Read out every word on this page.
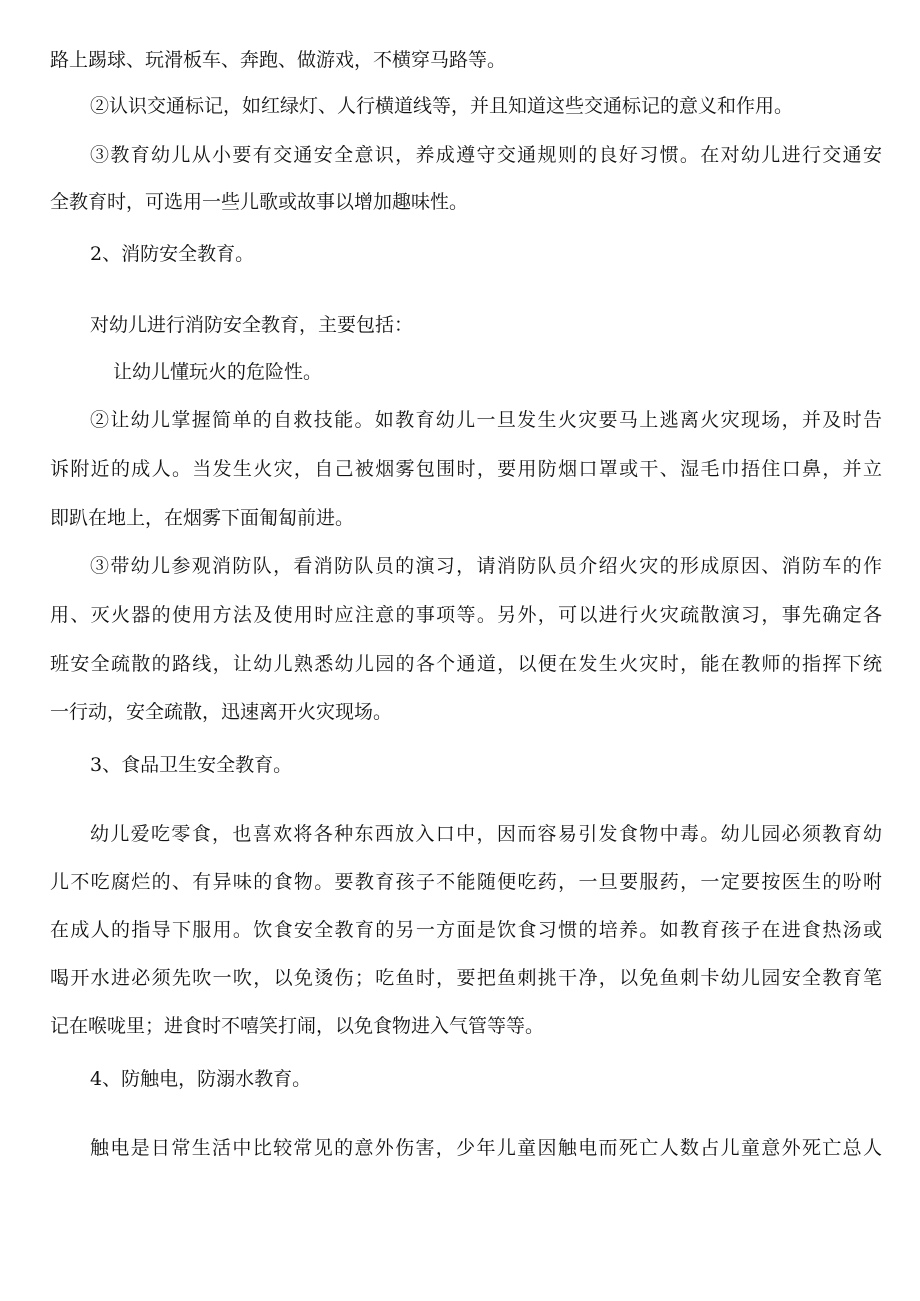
路上踢球、玩滑板车、奔跑、做游戏，不横穿马路等。
②认识交通标记，如红绿灯、人行横道线等，并且知道这些交通标记的意义和作用。
③教育幼儿从小要有交通安全意识，养成遵守交通规则的良好习惯。在对幼儿进行交通安
全教育时，可选用一些儿歌或故事以增加趣味性。
2、消防安全教育。
对幼儿进行消防安全教育，主要包括：
让幼儿懂玩火的危险性。
②让幼儿掌握简单的自救技能。如教育幼儿一旦发生火灾要马上逃离火灾现场，并及时告
诉附近的成人。当发生火灾，自己被烟雾包围时，要用防烟口罩或干、湿毛巾捂住口鼻，并立
即趴在地上，在烟雾下面匍匐前进。
③带幼儿参观消防队，看消防队员的演习，请消防队员介绍火灾的形成原因、消防车的作
用、灭火器的使用方法及使用时应注意的事项等。另外，可以进行火灾疏散演习，事先确定各
班安全疏散的路线，让幼儿熟悉幼儿园的各个通道，以便在发生火灾时，能在教师的指挥下统
一行动，安全疏散，迅速离开火灾现场。
3、食品卫生安全教育。
幼儿爱吃零食，也喜欢将各种东西放入口中，因而容易引发食物中毒。幼儿园必须教育幼
儿不吃腐烂的、有异味的食物。要教育孩子不能随便吃药，一旦要服药，一定要按医生的吩咐
在成人的指导下服用。饮食安全教育的另一方面是饮食习惯的培养。如教育孩子在进食热汤或
喝开水进必须先吹一吹，以免烫伤；吃鱼时，要把鱼刺挑干净，以免鱼刺卡幼儿园安全教育笔
记在喉咙里；进食时不嘻笑打闹，以免食物进入气管等等。
4、防触电，防溺水教育。
触电是日常生活中比较常见的意外伤害，少年儿童因触电而死亡人数占儿童意外死亡总人
